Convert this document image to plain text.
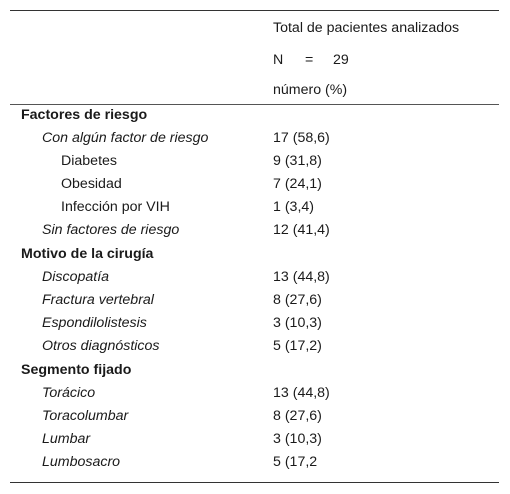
Total de pacientes analizados
N = 29
número (%)
Factores de riesgo
Con algún factor de riesgo	17 (58,6)
Diabetes	9 (31,8)
Obesidad	7 (24,1)
Infección por VIH	1 (3,4)
Sin factores de riesgo	12 (41,4)
Motivo de la cirugía
Discopatía	13 (44,8)
Fractura vertebral	8 (27,6)
Espondilolistesis	3 (10,3)
Otros diagnósticos	5 (17,2)
Segmento fijado
Torácico	13 (44,8)
Toracolumbar	8 (27,6)
Lumbar	3 (10,3)
Lumbosacro	5 (17,2
